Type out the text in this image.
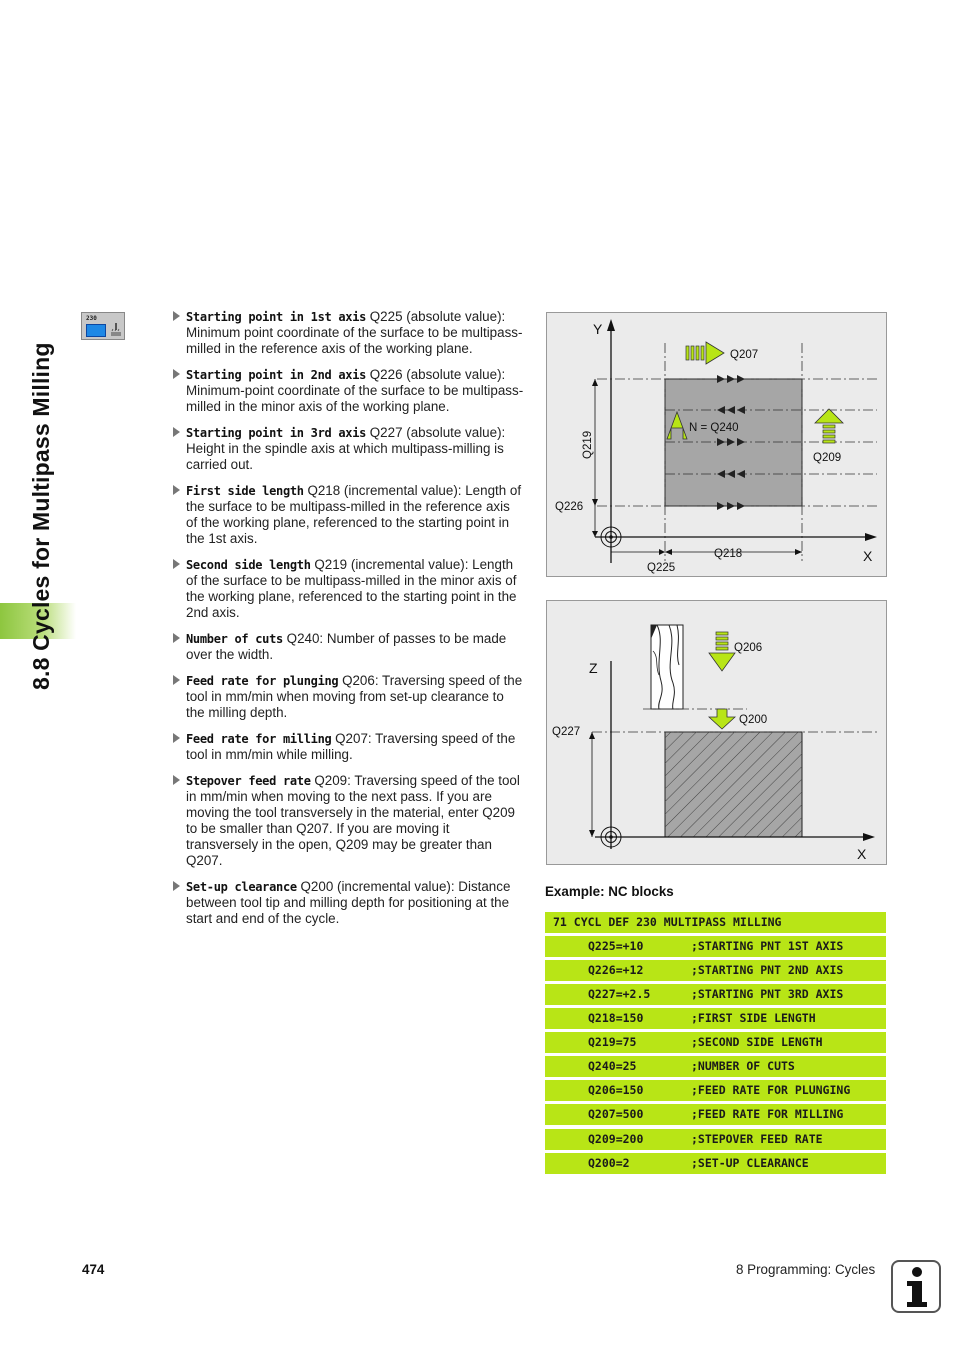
8.8 Cycles for Multipass Milling
230	Starting point in 1st axis Q225 (absolute value): Minimum point coordinate of the surface to be multipass-milled in the reference axis of the working plane.
Starting point in 2nd axis Q226 (absolute value): Minimum-point coordinate of the surface to be multipass-milled in the minor axis of the working plane.
Starting point in 3rd axis Q227 (absolute value): Height in the spindle axis at which multipass-milling is carried out.
First side length Q218 (incremental value): Length of the surface to be multipass-milled in the reference axis of the working plane, referenced to the starting point in the 1st axis.
Second side length Q219 (incremental value): Length of the surface to be multipass-milled in the minor axis of the working plane, referenced to the starting point in the 2nd axis.
Number of cuts Q240: Number of passes to be made over the width.
Feed rate for plunging Q206: Traversing speed of the tool in mm/min when moving from set-up clearance to the milling depth.
Feed rate for milling Q207: Traversing speed of the tool in mm/min while milling.
Stepover feed rate Q209: Traversing speed of the tool in mm/min when moving to the next pass. If you are moving the tool transversely in the material, enter Q209 to be smaller than Q207. If you are moving it transversely in the open, Q209 may be greater than Q207.
Set-up clearance Q200 (incremental value): Distance between tool tip and milling depth for positioning at the start and end of the cycle.
Y
X
Q207
N = Q240
Q209
Q219
Q226
Q218
Q225
Z
X
Q206
Q200
Q227
Example: NC blocks
71 CYCL DEF 230 MULTIPASS MILLING
Q225=+10	;STARTING PNT 1ST AXIS
Q226=+12	;STARTING PNT 2ND AXIS
Q227=+2.5	;STARTING PNT 3RD AXIS
Q218=150	;FIRST SIDE LENGTH
Q219=75	;SECOND SIDE LENGTH
Q240=25	;NUMBER OF CUTS
Q206=150	;FEED RATE FOR PLUNGING
Q207=500	;FEED RATE FOR MILLING
Q209=200	;STEPOVER FEED RATE
Q200=2	;SET-UP CLEARANCE
474	8 Programming: Cycles
